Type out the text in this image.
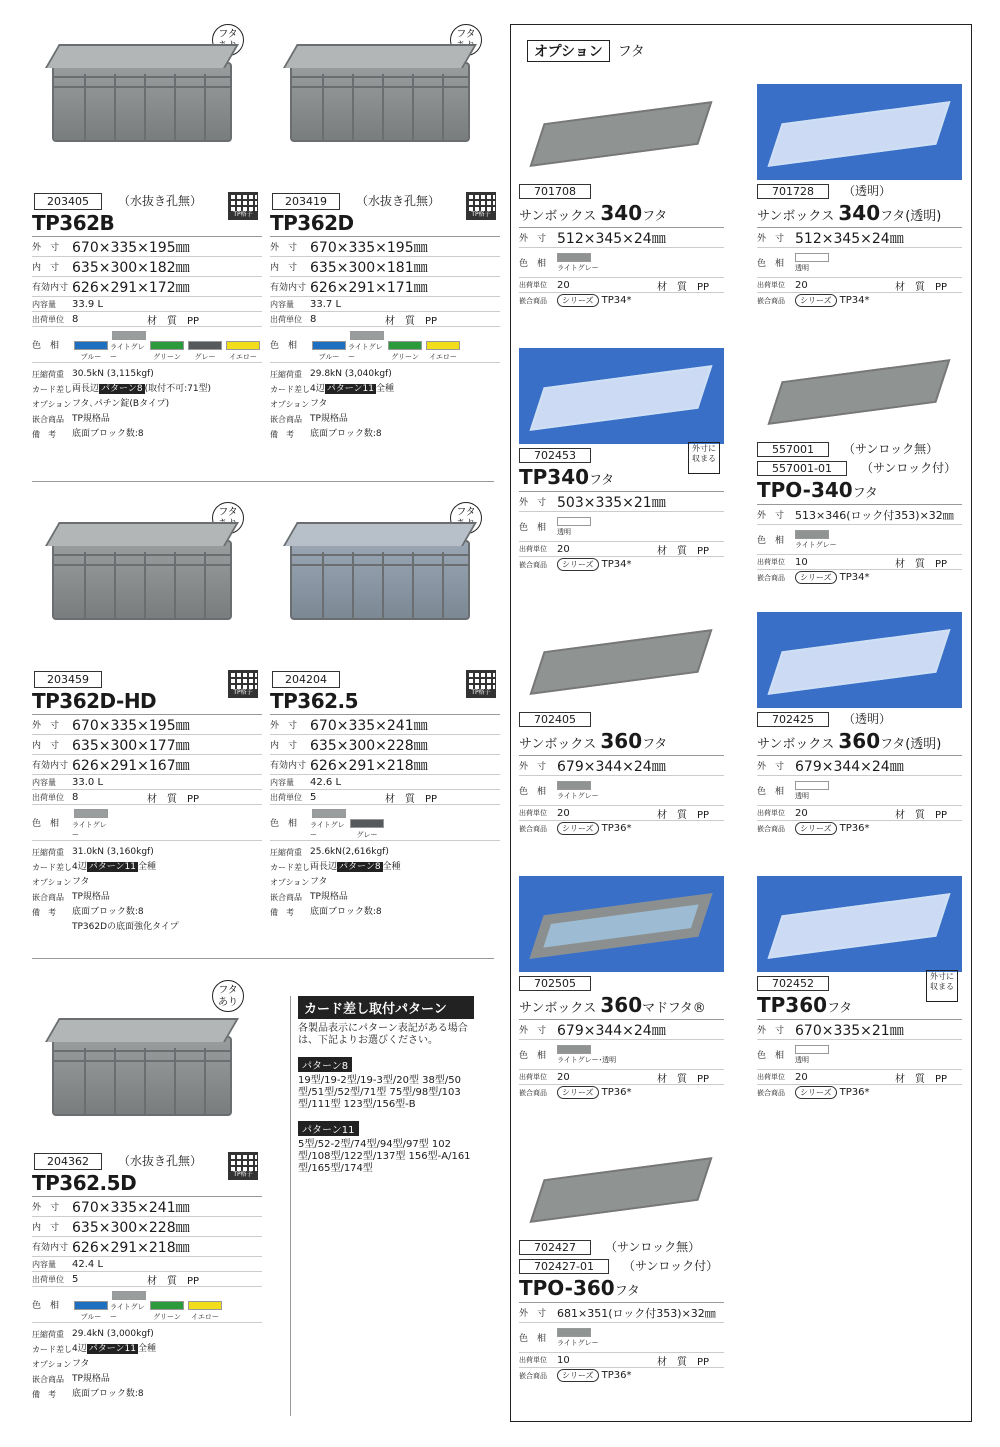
フタ

203405 （水抜き孔無）
TP格子
TP362B
外　寸 670×335×195㎜
内　寸 635×300×182㎜
有効内寸 626×291×172㎜
内容量	33.9 L
出荷単位 8	材　質　PP
色　相
ブルー
ライトグレー	グリーン グレー イエロー
圧縮荷重 30.5kN (3,115kgf)
カード差し 両長辺 パターン8 (取付不可:71型)
オプション フタ､パチン錠(Bタイプ)
嵌合商品 TP規格品
備　考	底面ブロック数:8
フタ

203419 （水抜き孔無）
TP格子
TP362D
外　寸 670×335×195㎜
内　寸 635×300×181㎜
有効内寸 626×291×171㎜
内容量	33.7 L
出荷単位 8	材　質　PP
色　相
ブルー
ライトグレー	グリーン イエロー
圧縮荷重 29.8kN (3,040kgf)
カード差し 4辺 パターン11 全種
オプション フタ
嵌合商品 TP規格品
備　考	底面ブロック数:8
フタ

203459
TP格子
TP362D-HD
外　寸 670×335×195㎜
内　寸 635×300×177㎜
有効内寸 626×291×167㎜
内容量	33.0 L
出荷単位 8	材　質　PP
色　相	ライトグレー
圧縮荷重 31.0kN (3,160kgf)
カード差し 4辺 パターン11 全種
オプション フタ
嵌合商品 TP規格品
備　考	底面ブロック数:8
TP362Dの底面強化タイプ
フタ

204204
TP格子
TP362.5
外　寸 670×335×241㎜
内　寸 635×300×228㎜
有効内寸 626×291×218㎜
内容量	42.6 L
出荷単位 5	材　質　PP
色　相	ライトグレー	グレー
圧縮荷重 25.6kN(2,616kgf)
カード差し 両長辺 パターン8 全種
オプション フタ
嵌合商品 TP規格品
備　考	底面ブロック数:8
フタ
あり
204362 （水抜き孔無）
TP格子
TP362.5D
外　寸 670×335×241㎜
内　寸 635×300×228㎜
有効内寸 626×291×218㎜
内容量	42.4 L
出荷単位 5	材　質　PP
色　相
ブルー
ライトグレー	グリーン イエロー
圧縮荷重 29.4kN (3,000kgf)
カード差し 4辺 パターン11 全種
オプション フタ
嵌合商品 TP規格品
備　考	底面ブロック数:8
カード差し取付パターン
各製品表示にパターン表記がある場合は、下記よりお選びください。
パターン8
19型/19-2型/19-3型/20型 38型/50型/51型/52型/71型 75型/98型/103型/111型 123型/156型-B
パターン11
5型/52-2型/74型/94型/97型 102型/108型/122型/137型 156型-A/161型/165型/174型
オプション	フタ
701708
サンボックス 340フタ
外　寸 512×345×24㎜
色　相	ライトグレー
出荷単位	20	材　質　PP
嵌合商品	シリーズ TP34*
701728 （透明）
サンボックス 340フタ(透明)
外　寸 512×345×24㎜
色　相	透明
出荷単位	20	材　質　PP
嵌合商品	シリーズ TP34*
702453
外寸に収まる
TP340フタ
外　寸 503×335×21㎜
色　相	透明
出荷単位	20	材　質　PP
嵌合商品	シリーズ TP34*
557001 （サンロック無）
557001-01 （サンロック付）
TPO-340フタ
外　寸 513×346(ロック付353)×32㎜
色　相	ライトグレー
出荷単位	10	材　質　PP
嵌合商品	シリーズ TP34*
702405
サンボックス 360フタ
外　寸 679×344×24㎜
色　相	ライトグレー
出荷単位	20	材　質　PP
嵌合商品	シリーズ TP36*
702425 （透明）
サンボックス 360フタ(透明)
外　寸 679×344×24㎜
色　相	透明
出荷単位	20	材　質　PP
嵌合商品	シリーズ TP36*
702505
サンボックス 360マドフタ®
外　寸 679×344×24㎜
色　相	ライトグレー･透明
出荷単位	20	材　質　PP
嵌合商品	シリーズ TP36*
702452
外寸に収まる
TP360フタ
外　寸 670×335×21㎜
色　相	透明
出荷単位	20	材　質　PP
嵌合商品	シリーズ TP36*
702427 （サンロック無）
702427-01 （サンロック付）
TPO-360フタ
外　寸 681×351(ロック付353)×32㎜
色　相	ライトグレー
出荷単位	10	材　質　PP
嵌合商品	シリーズ TP36*
